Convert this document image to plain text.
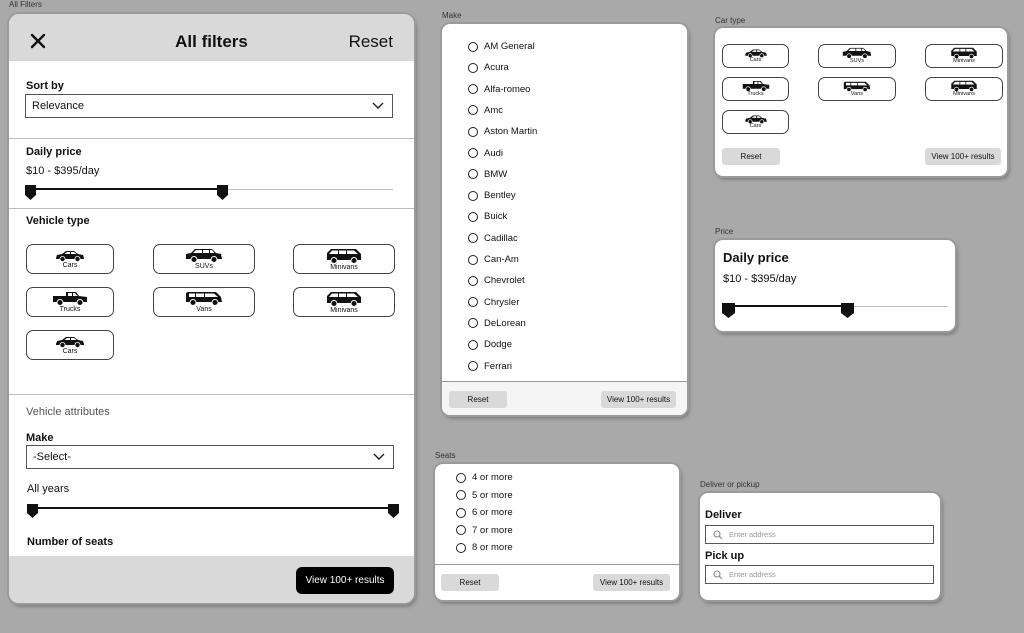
All Filters
Make
Car type
Price
Seats
Deliver or pickup
All filters	Reset
Sort by
Relevance
Daily price
$10 - $395/day
Vehicle type
Cars	SUVs	Minivans
Trucks	Vans	Minivans
Cars
Vehicle attributes
Make
-Select-
All years
Number of seats
View 100+ results
AM General
Acura
Alfa-romeo
Amc
Aston Martin
Audi
BMW
Bentley
Buick
Cadillac
Can-Am
Chevrolet
Chrysler
DeLorean
Dodge
Ferrari
Reset	View 100+ results
Cars	SUVs	Minivans
Trucks	Vans	Minivans
Cars
Reset	View 100+ results
Daily price
$10 - $395/day
4 or more
5 or more
6 or more
7 or more
8 or more
Reset	View 100+ results
Deliver
Enter address
Pick up
Enter address
